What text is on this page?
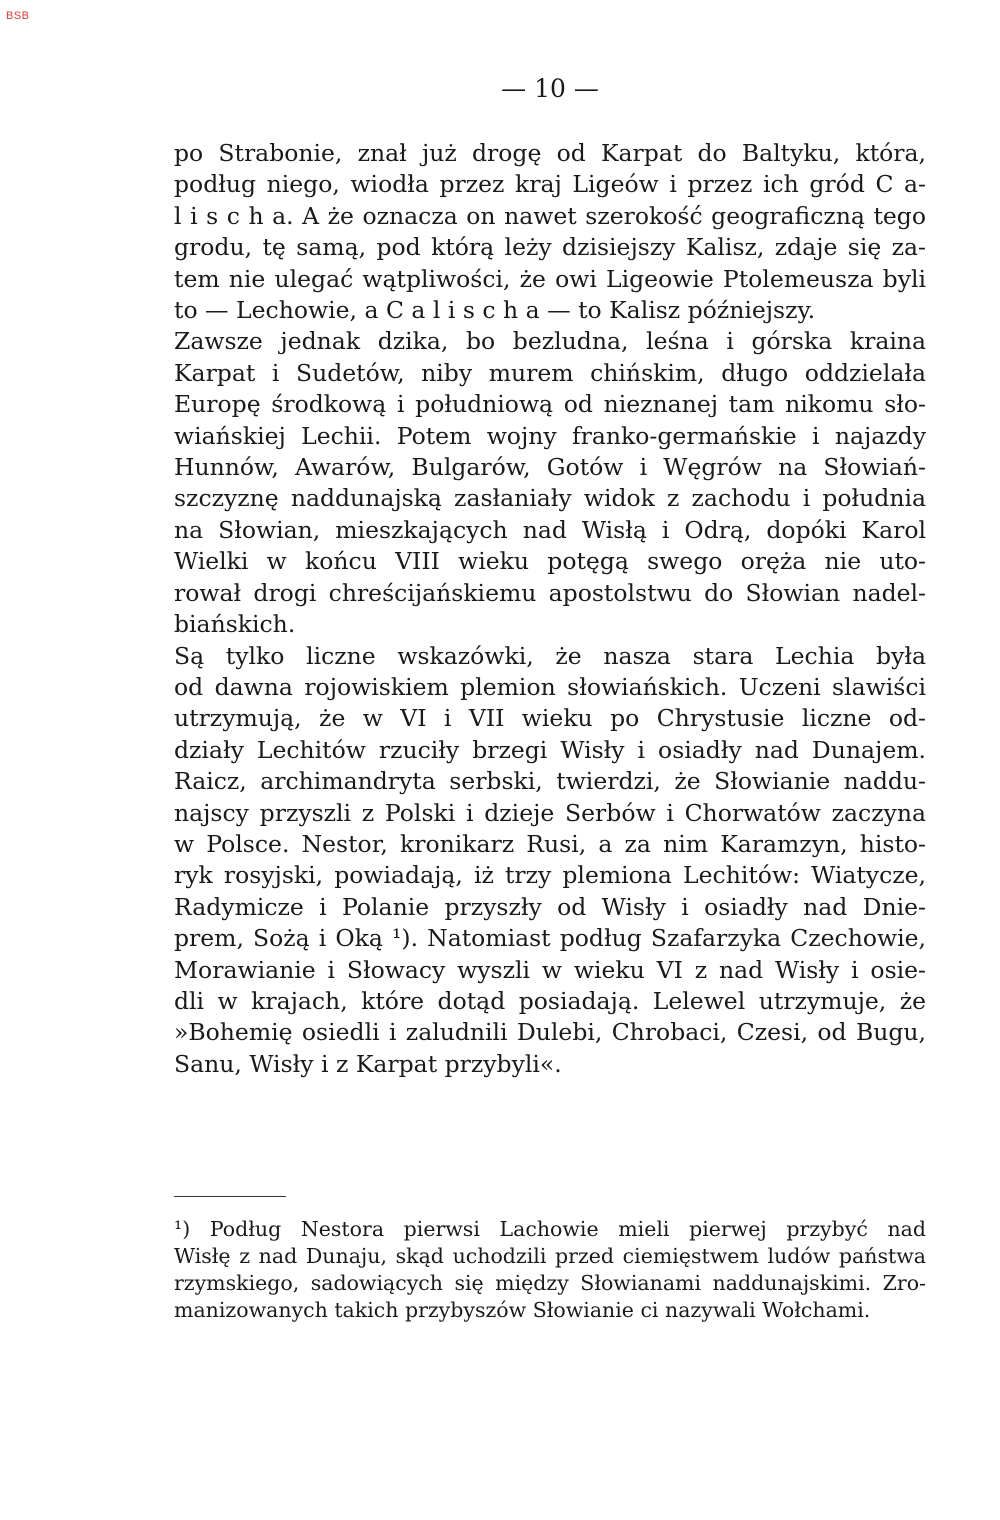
BSB
— 10 —
po Strabonie, znał już drogę od Karpat do Baltyku, która,
podług niego, wiodła przez kraj Ligeów i przez ich gród C a-
l i s c h a. A że oznacza on nawet szerokość geograficzną tego
grodu, tę samą, pod którą leży dzisiejszy Kalisz, zdaje się za-
tem nie ulegać wątpliwości, że owi Ligeowie Ptolemeusza byli
to — Lechowie, a C a l i s c h a — to Kalisz późniejszy.
Zawsze jednak dzika, bo bezludna, leśna i górska kraina
Karpat i Sudetów, niby murem chińskim, długo oddzielała
Europę środkową i południową od nieznanej tam nikomu sło-
wiańskiej Lechii. Potem wojny franko-germańskie i najazdy
Hunnów, Awarów, Bulgarów, Gotów i Węgrów na Słowiań-
szczyznę naddunajską zasłaniały widok z zachodu i południa
na Słowian, mieszkających nad Wisłą i Odrą, dopóki Karol
Wielki w końcu VIII wieku potęgą swego oręża nie uto-
rował drogi chreścijańskiemu apostolstwu do Słowian nadel-
biańskich.
Są tylko liczne wskazówki, że nasza stara Lechia była
od dawna rojowiskiem plemion słowiańskich. Uczeni slawiści
utrzymują, że w VI i VII wieku po Chrystusie liczne od-
działy Lechitów rzuciły brzegi Wisły i osiadły nad Dunajem.
Raicz, archimandryta serbski, twierdzi, że Słowianie naddu-
najscy przyszli z Polski i dzieje Serbów i Chorwatów zaczyna
w Polsce. Nestor, kronikarz Rusi, a za nim Karamzyn, histo-
ryk rosyjski, powiadają, iż trzy plemiona Lechitów: Wiatycze,
Radymicze i Polanie przyszły od Wisły i osiadły nad Dnie-
prem, Sożą i Oką ¹). Natomiast podług Szafarzyka Czechowie,
Morawianie i Słowacy wyszli w wieku VI z nad Wisły i osie-
dli w krajach, które dotąd posiadają. Lelewel utrzymuje, że
»Bohemię osiedli i zaludnili Dulebi, Chrobaci, Czesi, od Bugu,
Sanu, Wisły i z Karpat przybyli«.
¹) Podług Nestora pierwsi Lachowie mieli pierwej przybyć nad
Wisłę z nad Dunaju, skąd uchodzili przed ciemięstwem ludów państwa
rzymskiego, sadowiących się między Słowianami naddunajskimi. Zro-
manizowanych takich przybyszów Słowianie ci nazywali Wołchami.
